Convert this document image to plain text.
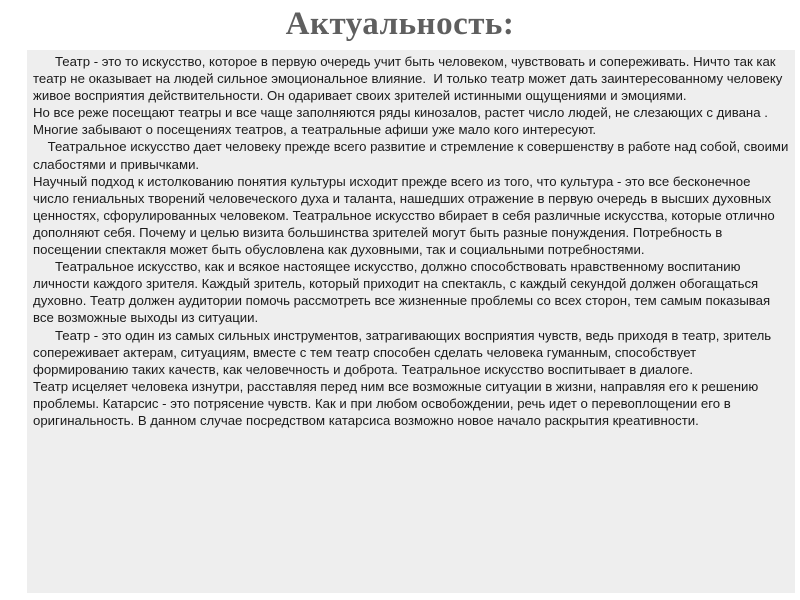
Актуальность:

Театр - это то искусство, которое в первую очередь учит быть человеком, чувствовать и сопереживать. Ничто так как театр не оказывает на людей сильное эмоциональное влияние.  И только театр может дать заинтересованному человеку живое восприятия действительности. Он одаривает своих зрителей истинными ощущениями и эмоциями.

Но все реже посещают театры и все чаще заполняются ряды кинозалов, растет число людей, не слезающих с дивана . Многие забывают о посещениях театров, а театральные афиши уже мало кого интересуют.

Театральное искусство дает человеку прежде всего развитие и стремление к совершенству в работе над собой, своими слабостями и привычками.

Научный подход к истолкованию понятия культуры исходит прежде всего из того, что культура - это все бесконечное число гениальных творений человеческого духа и таланта, нашедших отражение в первую очередь в высших духовных ценностях, сфорулированных человеком. Театральное искусство вбирает в себя различные искусства, которые отлично дополняют себя. Почему и целью визита большинства зрителей могут быть разные понуждения. Потребность в посещении спектакля может быть обусловлена как духовными, так и социальными потребностями.

Театральное искусство, как и всякое настоящее искусство, должно способствовать нравственному воспитанию личности каждого зрителя. Каждый зритель, который приходит на спектакль, с каждый секундой должен обогащаться духовно. Театр должен аудитории помочь рассмотреть все жизненные проблемы со всех сторон, тем самым показывая все возможные выходы из ситуации.

Театр - это один из самых сильных инструментов, затрагивающих восприятия чувств, ведь приходя в театр, зритель сопереживает актерам, ситуациям, вместе с тем театр способен сделать человека гуманным, способствует формированию таких качеств, как человечность и доброта. Театральное искусство воспитывает в диалоге.

Театр исцеляет человека изнутри, расставляя перед ним все возможные ситуации в жизни, направляя его к решению проблемы. Катарсис - это потрясение чувств. Как и при любом освобождении, речь идет о перевоплощении его в оригинальность. В данном случае посредством катарсиса возможно новое начало раскрытия креативности.
